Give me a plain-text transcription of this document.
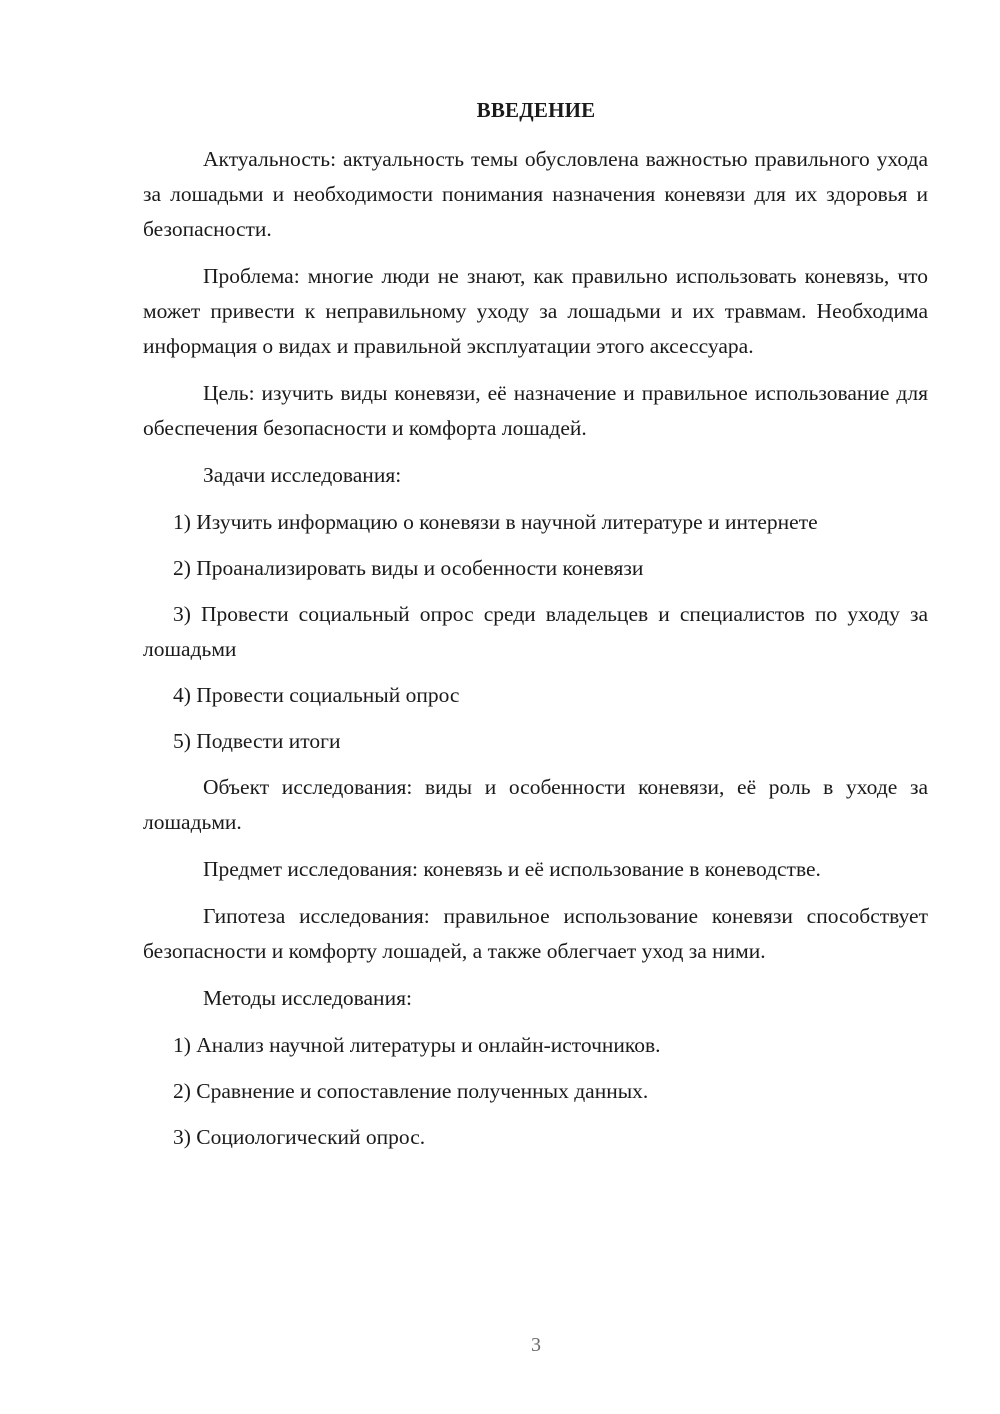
ВВЕДЕНИЕ

Актуальность: актуальность темы обусловлена важностью правильного ухода за лошадьми и необходимости понимания назначения коневязи для их здоровья и безопасности.

Проблема: многие люди не знают, как правильно использовать коневязь, что может привести к неправильному уходу за лошадьми и их травмам. Необходима информация о видах и правильной эксплуатации этого аксессуара.

Цель: изучить виды коневязи, её назначение и правильное использование для обеспечения безопасности и комфорта лошадей.

Задачи исследования:

1) Изучить информацию о коневязи в научной литературе и интернете

2) Проанализировать виды и особенности коневязи

3) Провести социальный опрос среди владельцев и специалистов по уходу за лошадьми

4) Провести социальный опрос

5) Подвести итоги

Объект исследования: виды и особенности коневязи, её роль в уходе за лошадьми.

Предмет исследования: коневязь и её использование в коневодстве.

Гипотеза исследования: правильное использование коневязи способствует безопасности и комфорту лошадей, а также облегчает уход за ними.

Методы исследования:

1) Анализ научной литературы и онлайн-источников.

2) Сравнение и сопоставление полученных данных.

3) Социологический опрос.

3
